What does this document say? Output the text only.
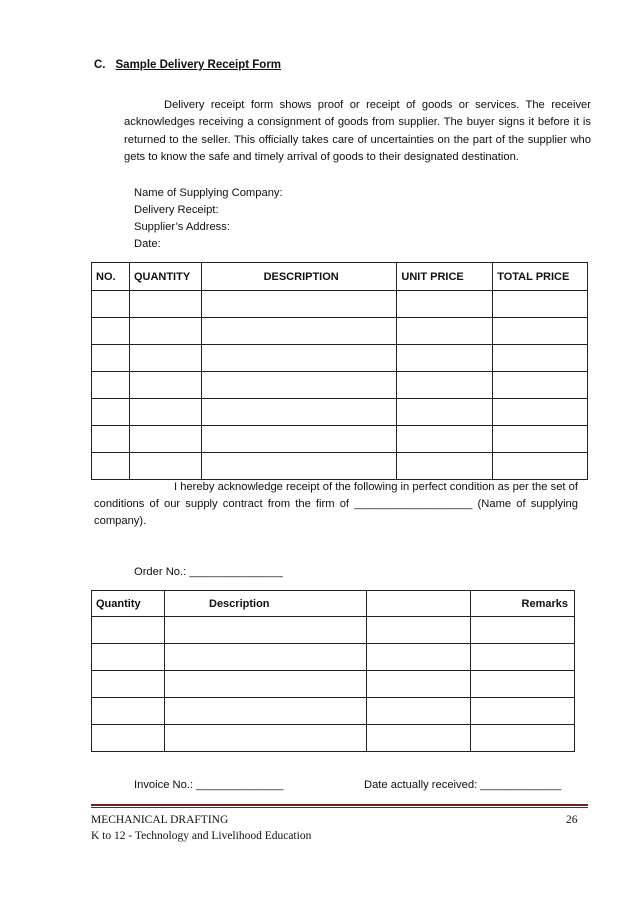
C. Sample Delivery Receipt Form
Delivery receipt form shows proof or receipt of goods or services. The receiver acknowledges receiving a consignment of goods from supplier. The buyer signs it before it is returned to the seller. This officially takes care of uncertainties on the part of the supplier who gets to know the safe and timely arrival of goods to their designated destination.
Name of Supplying Company:
Delivery Receipt:
Supplier’s Address:
Date:
NO.	QUANTITY	DESCRIPTION	UNIT PRICE	TOTAL PRICE

I hereby acknowledge receipt of the following in perfect condition as per the set of conditions of our supply contract from the firm of ___________________ (Name of supplying company).
Order No.: _______________
Quantity	Description		Remarks

Invoice No.: ______________	Date actually received: _____________
MECHANICAL DRAFTING
K to 12 - Technology and Livelihood Education
26
